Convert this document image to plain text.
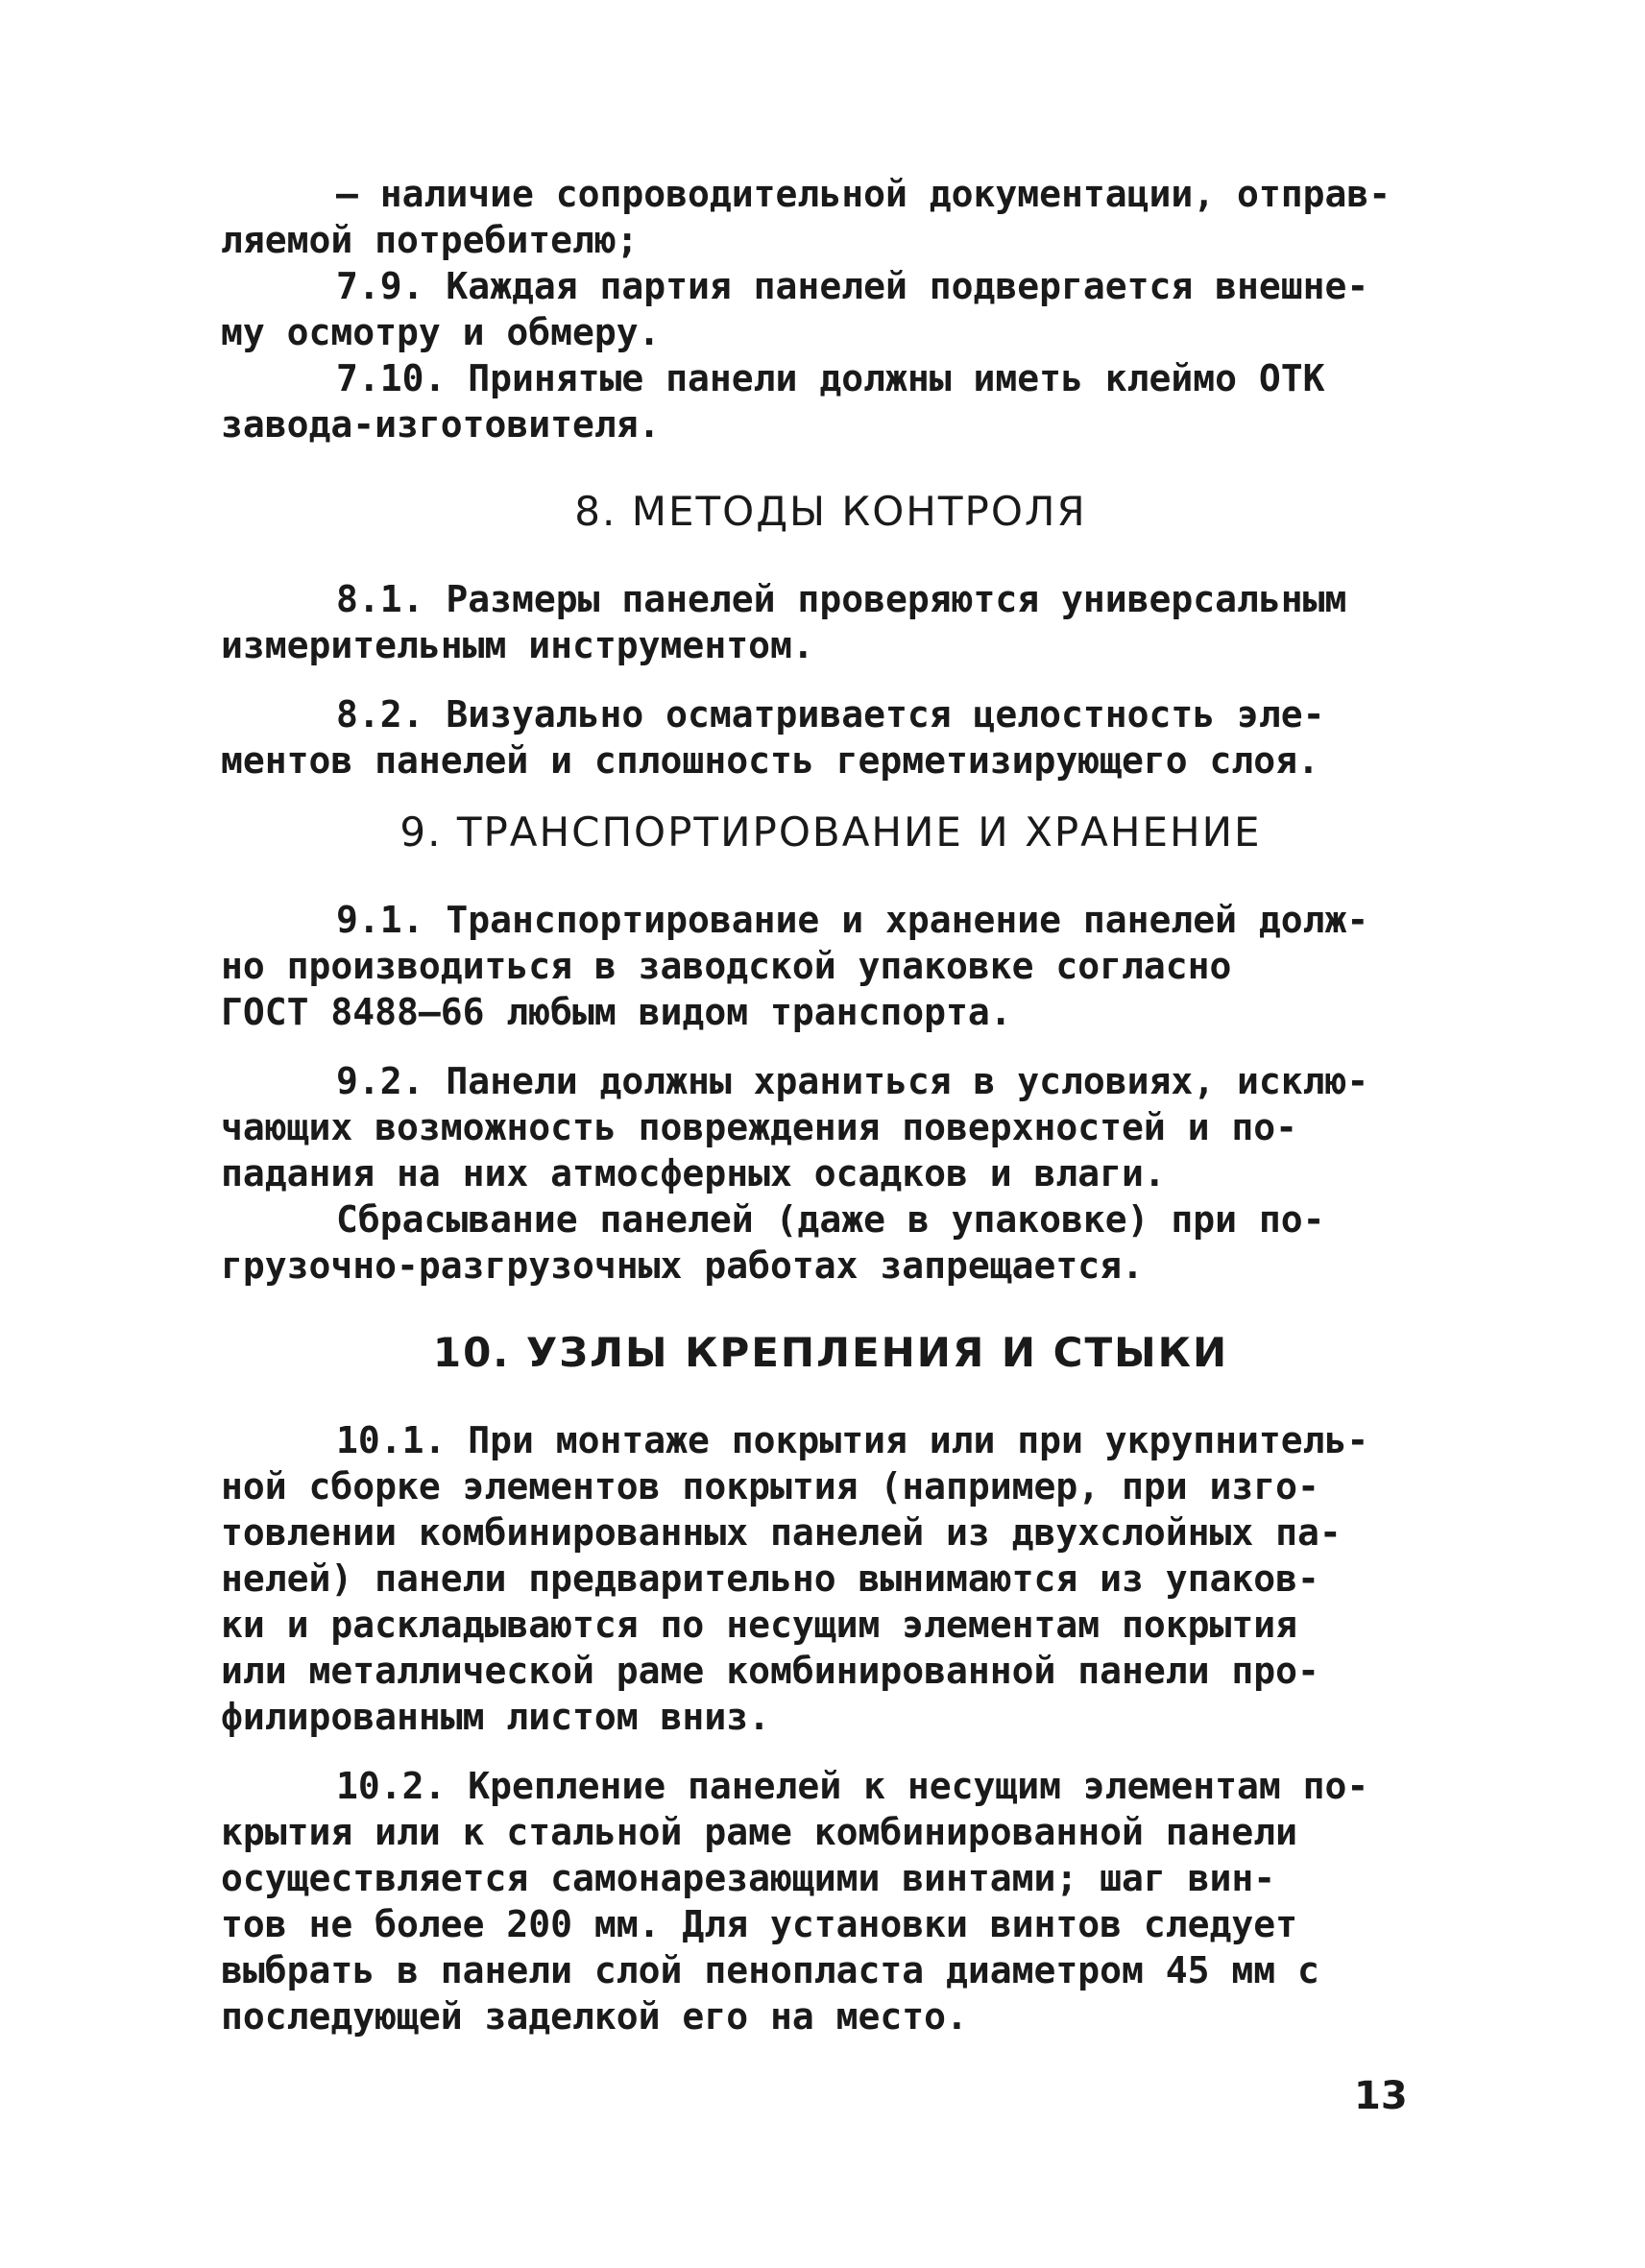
– наличие сопроводительной документации, отправ-
ляемой потребителю;
7.9. Каждая партия панелей подвергается внешне-
му осмотру и обмеру.
7.10. Принятые панели должны иметь клеймо ОТК
завода-изготовителя.
8. МЕТОДЫ КОНТРОЛЯ
8.1. Размеры панелей проверяются универсальным
измерительным инструментом.
8.2. Визуально осматривается целостность эле-
ментов панелей и сплошность герметизирующего слоя.
9. ТРАНСПОРТИРОВАНИЕ И ХРАНЕНИЕ
9.1. Транспортирование и хранение панелей долж-
но производиться в заводской упаковке согласно
ГОСТ 8488–66 любым видом транспорта.
9.2. Панели должны храниться в условиях, исклю-
чающих возможность повреждения поверхностей и по-
падания на них атмосферных осадков и влаги.
Сбрасывание панелей (даже в упаковке) при по-
грузочно-разгрузочных работах запрещается.
10. УЗЛЫ КРЕПЛЕНИЯ И СТЫКИ
10.1. При монтаже покрытия или при укрупнитель-
ной сборке элементов покрытия (например, при изго-
товлении комбинированных панелей из двухслойных па-
нелей) панели предварительно вынимаются из упаков-
ки и раскладываются по несущим элементам покрытия
или металлической раме комбинированной панели про-
филированным листом вниз.
10.2. Крепление панелей к несущим элементам по-
крытия или к стальной раме комбинированной панели
осуществляется самонарезающими винтами; шаг вин-
тов не более 200 мм. Для установки винтов следует
выбрать в панели слой пенопласта диаметром 45 мм с
последующей заделкой его на место.
13
